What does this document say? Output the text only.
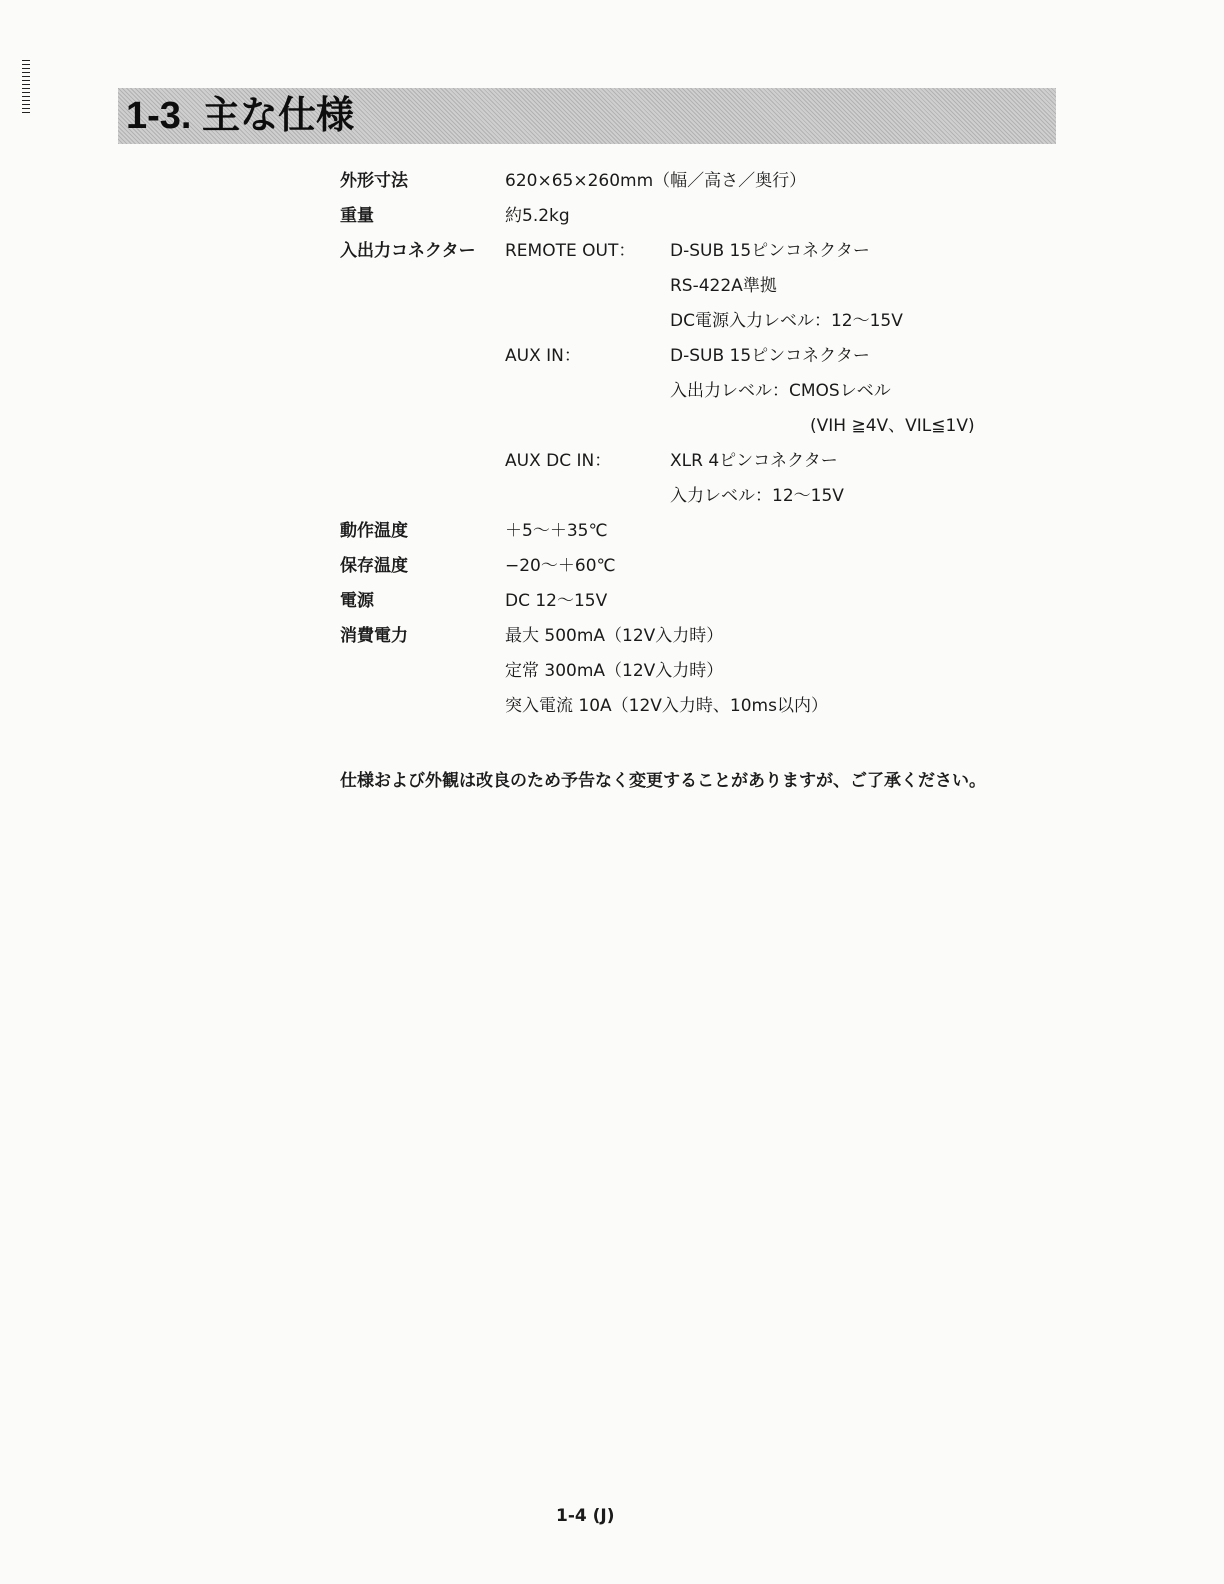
1-3. 主な仕様
外形寸法	620×65×260mm（幅／高さ／奥行）
重量	約5.2kg
入出力コネクター REMOTE OUT： D-SUB 15ピンコネクター
RS-422A準拠
DC電源入力レベル：12〜15V
AUX IN：	D-SUB 15ピンコネクター
入出力レベル：CMOSレベル
(VIH ≧4V、VIL≦1V)
AUX DC IN：	XLR 4ピンコネクター
入力レベル：12〜15V
動作温度	＋5〜＋35℃
保存温度	−20〜＋60℃
電源	DC 12〜15V
消費電力	最大 500mA（12V入力時）
定常 300mA（12V入力時）
突入電流 10A（12V入力時、10ms以内）
仕様および外観は改良のため予告なく変更することがありますが、ご了承ください。
1-4 (J)
